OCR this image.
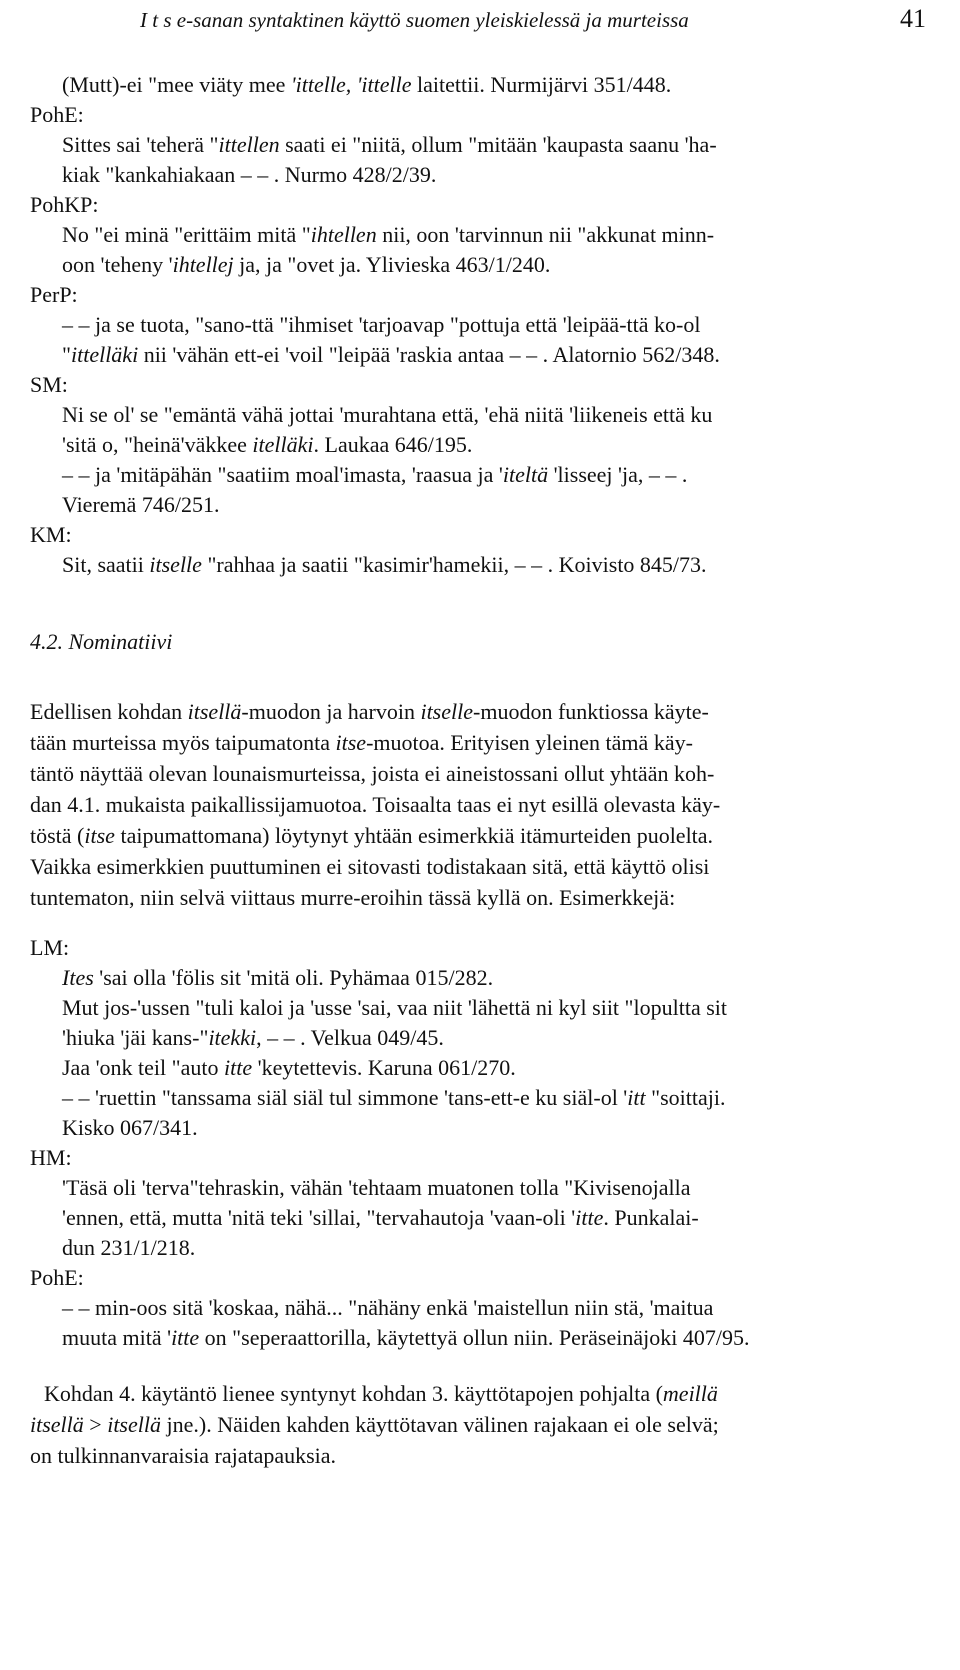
I t s e-sanan syntaktinen käyttö suomen yleiskielessä ja murteissa	41

(Mutt)-ei "mee viäty mee 'ittelle, 'ittelle laitettii. Nurmijärvi 351/448.

PohE:

Sittes sai 'teherä "ittellen saati ei "niitä, ollum "mitään 'kaupasta saanu 'ha-

kiak "kankahiakaan – – . Nurmo 428/2/39.

PohKP:

No "ei minä "erittäim mitä "ihtellen nii, oon 'tarvinnun nii "akkunat minn-

oon 'teheny 'ihtellej ja, ja "ovet ja. Ylivieska 463/1/240.

PerP:

– – ja se tuota, "sano-ttä "ihmiset 'tarjoavap "pottuja että 'leipää-ttä ko-ol

"ittelläki nii 'vähän ett-ei 'voil "leipää 'raskia antaa – – . Alatornio 562/348.

SM:

Ni se ol' se "emäntä vähä jottai 'murahtana että, 'ehä niitä 'liikeneis että ku

'sitä o, "heinä'väkkee itelläki. Laukaa 646/195.

– – ja 'mitäpähän "saatiim moal'imasta, 'raasua ja 'iteltä 'lisseej 'ja, – – .

Vieremä 746/251.

KM:

Sit, saatii itselle "rahhaa ja saatii "kasimir'hamekii, – – . Koivisto 845/73.

4.2. Nominatiivi

Edellisen kohdan itsellä-muodon ja harvoin itselle-muodon funktiossa käyte-

tään murteissa myös taipumatonta itse-muotoa. Erityisen yleinen tämä käy-

täntö näyttää olevan lounaismurteissa, joista ei aineistossani ollut yhtään koh-

dan 4.1. mukaista paikallissijamuotoa. Toisaalta taas ei nyt esillä olevasta käy-

töstä (itse taipumattomana) löytynyt yhtään esimerkkiä itämurteiden puolelta.

Vaikka esimerkkien puuttuminen ei sitovasti todistakaan sitä, että käyttö olisi

tuntematon, niin selvä viittaus murre-eroihin tässä kyllä on. Esimerkkejä:

LM:

Ites 'sai olla 'fölis sit 'mitä oli. Pyhämaa 015/282.

Mut jos-'ussen "tuli kaloi ja 'usse 'sai, vaa niit 'lähettä ni kyl siit "lopultta sit

'hiuka 'jäi kans-"itekki, – – . Velkua 049/45.

Jaa 'onk teil "auto itte 'keytettevis. Karuna 061/270.

– – 'ruettin "tanssama siäl siäl tul simmone 'tans-ett-e ku siäl-ol 'itt "soittaji.

Kisko 067/341.

HM:

'Täsä oli 'terva"tehraskin, vähän 'tehtaam muatonen tolla "Kivisenojalla

'ennen, että, mutta 'nitä teki 'sillai, "tervahautoja 'vaan-oli 'itte. Punkalai-

dun 231/1/218.

PohE:

– – min-oos sitä 'koskaa, nähä... "nähäny enkä 'maistellun niin stä, 'maitua

muuta mitä 'itte on "seperaattorilla, käytettyä ollun niin. Peräseinäjoki 407/95.

Kohdan 4. käytäntö lienee syntynyt kohdan 3. käyttötapojen pohjalta (meillä

itsellä > itsellä jne.). Näiden kahden käyttötavan välinen rajakaan ei ole selvä;

on tulkinnanvaraisia rajatapauksia.
